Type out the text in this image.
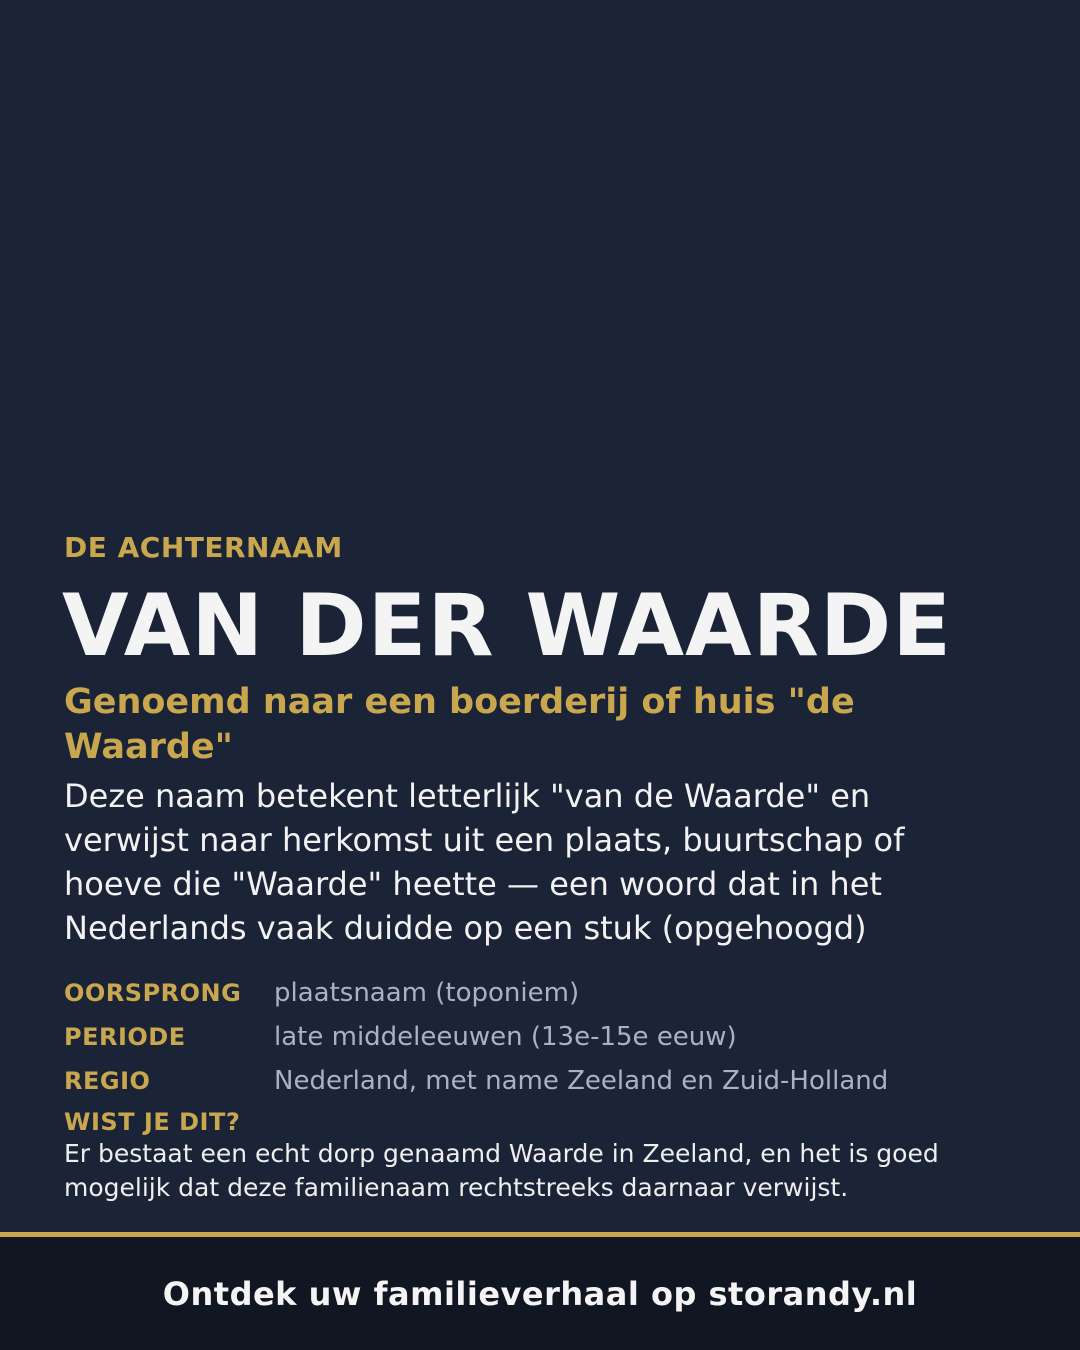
DE ACHTERNAAM

VAN DER WAARDE

Genoemd naar een boerderij of huis "de Waarde"

Deze naam betekent letterlijk "van de Waarde" en verwijst naar herkomst uit een plaats, buurtschap of hoeve die "Waarde" heette — een woord dat in het Nederlands vaak duidde op een stuk (opgehoogd)

OORSPRONG	plaatsnaam (toponiem)
PERIODE	late middeleeuwen (13e-15e eeuw)
REGIO	Nederland, met name Zeeland en Zuid-Holland
WIST JE DIT?
Er bestaat een echt dorp genaamd Waarde in Zeeland, en het is goed mogelijk dat deze familienaam rechtstreeks daarnaar verwijst.
Ontdek uw familieverhaal op storandy.nl
